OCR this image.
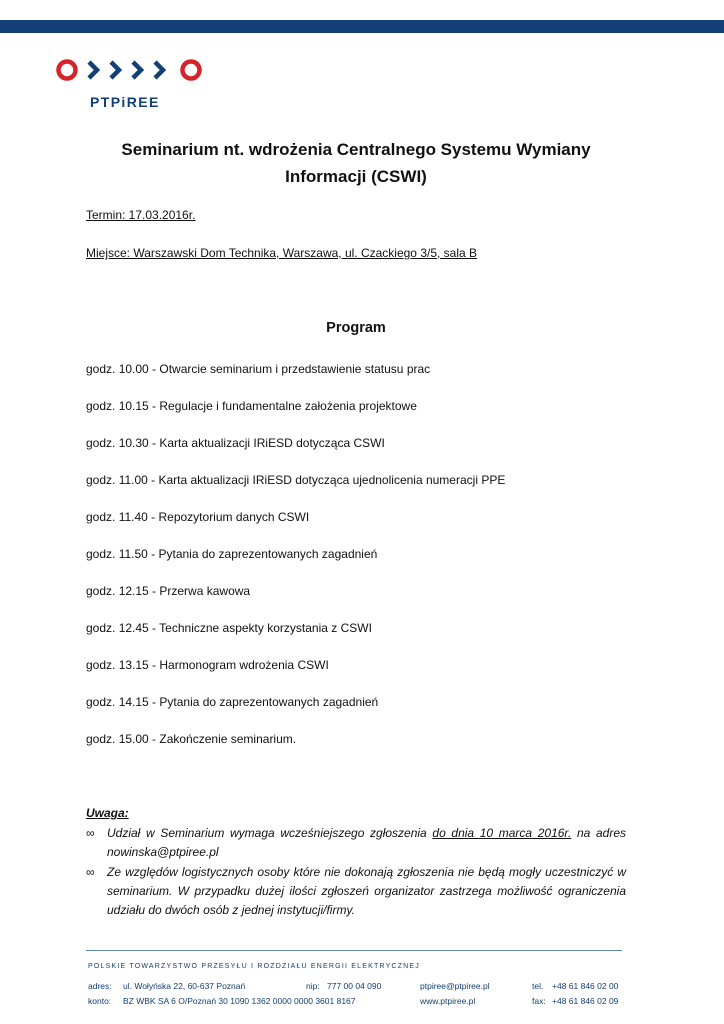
PTPiREE
Seminarium nt. wdrożenia Centralnego Systemu Wymiany
Informacji (CSWI)
Termin: 17.03.2016r.
Miejsce: Warszawski Dom Technika, Warszawa, ul. Czackiego 3/5, sala B
Program
godz. 10.00 - Otwarcie seminarium i przedstawienie statusu prac
godz. 10.15 - Regulacje i fundamentalne założenia projektowe
godz. 10.30 - Karta aktualizacji IRiESD dotycząca CSWI
godz. 11.00 - Karta aktualizacji IRiESD dotycząca ujednolicenia numeracji PPE
godz. 11.40 - Repozytorium danych CSWI
godz. 11.50 - Pytania do zaprezentowanych zagadnień
godz. 12.15 - Przerwa kawowa
godz. 12.45 - Techniczne aspekty korzystania z CSWI
godz. 13.15 - Harmonogram wdrożenia CSWI
godz. 14.15 - Pytania do zaprezentowanych zagadnień
godz. 15.00 - Zakończenie seminarium.
Uwaga:
∞ Udział w Seminarium wymaga wcześniejszego zgłoszenia do dnia 10 marca 2016r. na adres nowinska@ptpiree.pl
∞ Ze względów logistycznych osoby które nie dokonają zgłoszenia nie będą mogły uczestniczyć w seminarium. W przypadku dużej ilości zgłoszeń organizator zastrzega możliwość ograniczenia udziału do dwóch osób z jednej instytucji/firmy.
POLSKIE TOWARZYSTWO PRZESYŁU I ROZDZIAŁU ENERGII ELEKTRYCZNEJ
adres: ul. Wołyńska 22, 60-637 Poznań	nip: 777 00 04 090	ptpiree@ptpiree.pl	tel. +48 61 846 02 00
konto: BZ WBK SA 6 O/Poznań 30 1090 1362 0000 0000 3601 8167	www.ptpiree.pl	fax: +48 61 846 02 09
